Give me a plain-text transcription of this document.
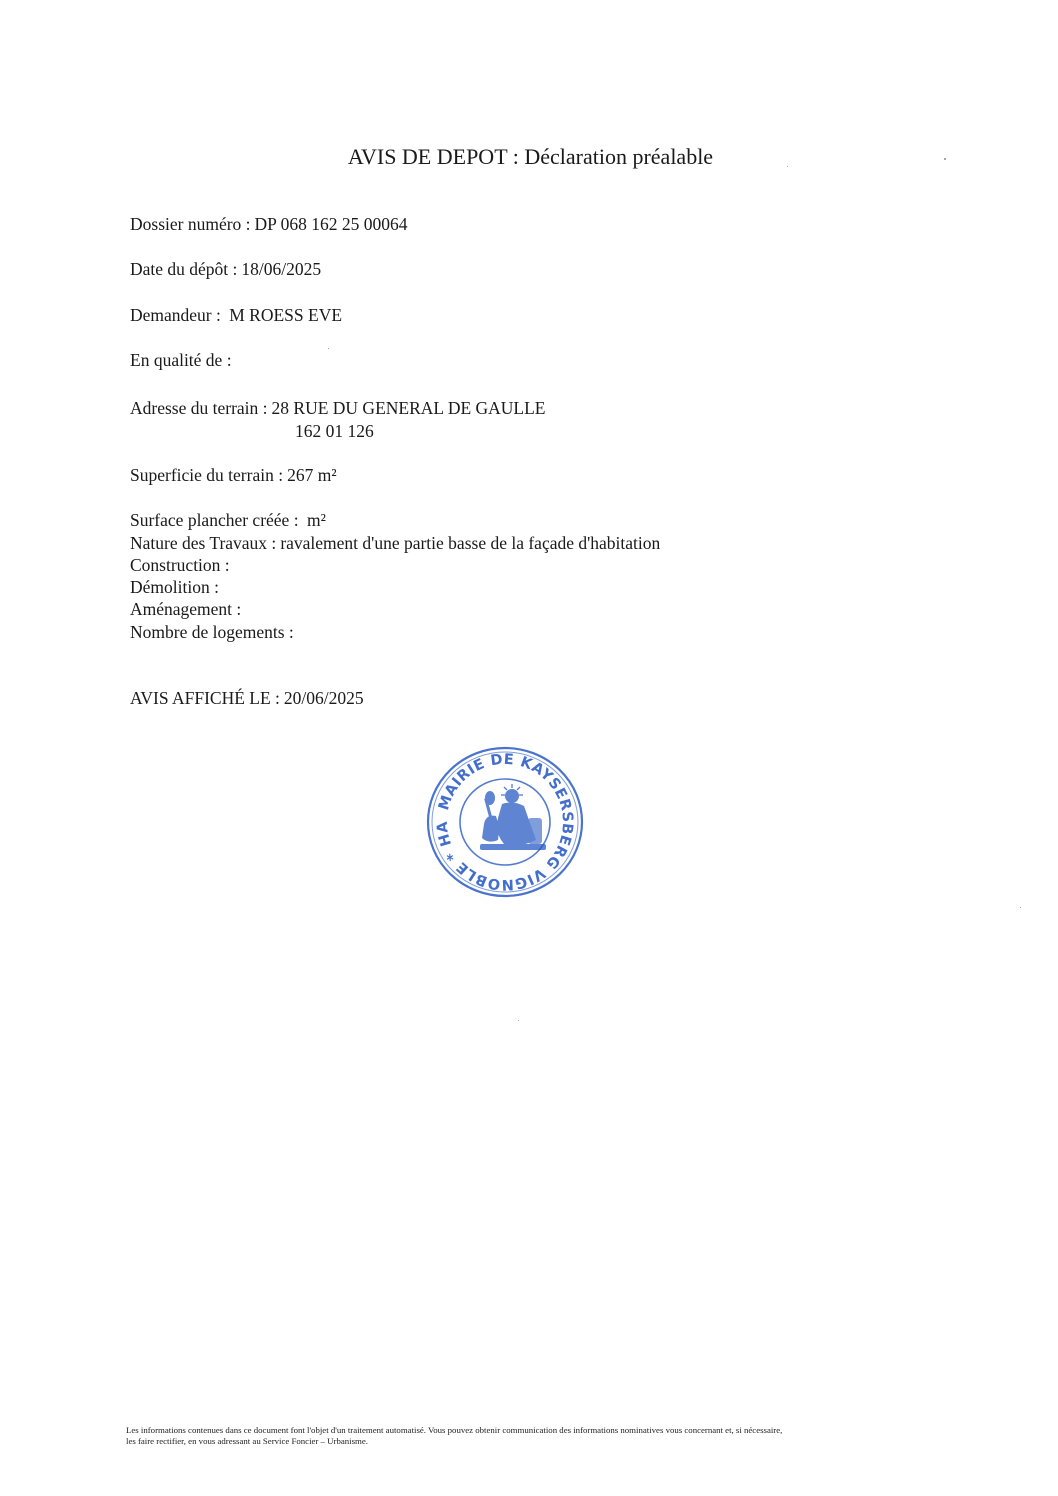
AVIS DE DEPOT : Déclaration préalable
Dossier numéro : DP 068 162 25 00064
Date du dépôt : 18/06/2025
Demandeur : M ROESS EVE
En qualité de :
Adresse du terrain : 28 RUE DU GENERAL DE GAULLE
162 01 126
Superficie du terrain : 267 m²
Surface plancher créée : m²
Nature des Travaux : ravalement d'une partie basse de la façade d'habitation
Construction :
Démolition :
Aménagement :
Nombre de logements :
AVIS AFFICHÉ LE : 20/06/2025
MAIRIE DE KAYSERSBERG VIGNOBLE * HA
Les informations contenues dans ce document font l'objet d'un traitement automatisé. Vous pouvez obtenir communication des informations nominatives vous concernant et, si nécessaire,
les faire rectifier, en vous adressant au Service Foncier – Urbanisme.
